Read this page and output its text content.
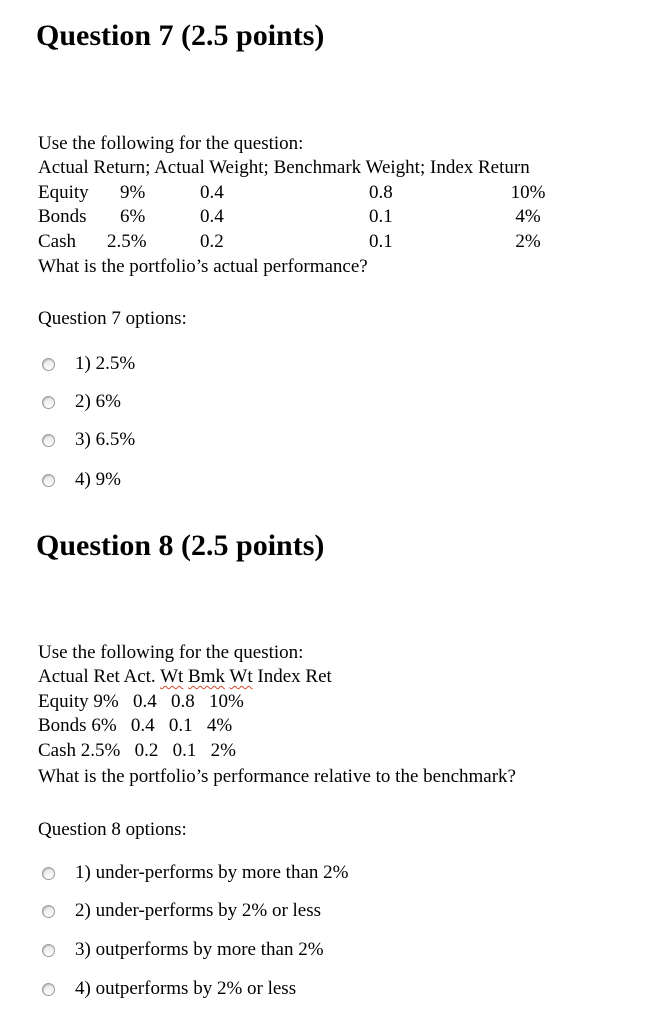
Question 7 (2.5 points)
Use the following for the question:
Actual Return; Actual Weight; Benchmark Weight; Index Return
Equity 9%	0.4	0.8	10%
Bonds 6%	0.4	0.1	4%
Cash 2.5%	0.2	0.1	2%
What is the portfolio’s actual performance?
Question 7 options:
1) 2.5%
2) 6%
3) 6.5%
4) 9%
Question 8 (2.5 points)
Use the following for the question:
Actual Ret Act. Wt Bmk Wt Index Ret
Equity 9%   0.4   0.8   10%
Bonds 6%   0.4   0.1   4%
Cash 2.5%   0.2   0.1   2%
What is the portfolio’s performance relative to the benchmark?
Question 8 options:
1) under-performs by more than 2%
2) under-performs by 2% or less
3) outperforms by more than 2%
4) outperforms by 2% or less
